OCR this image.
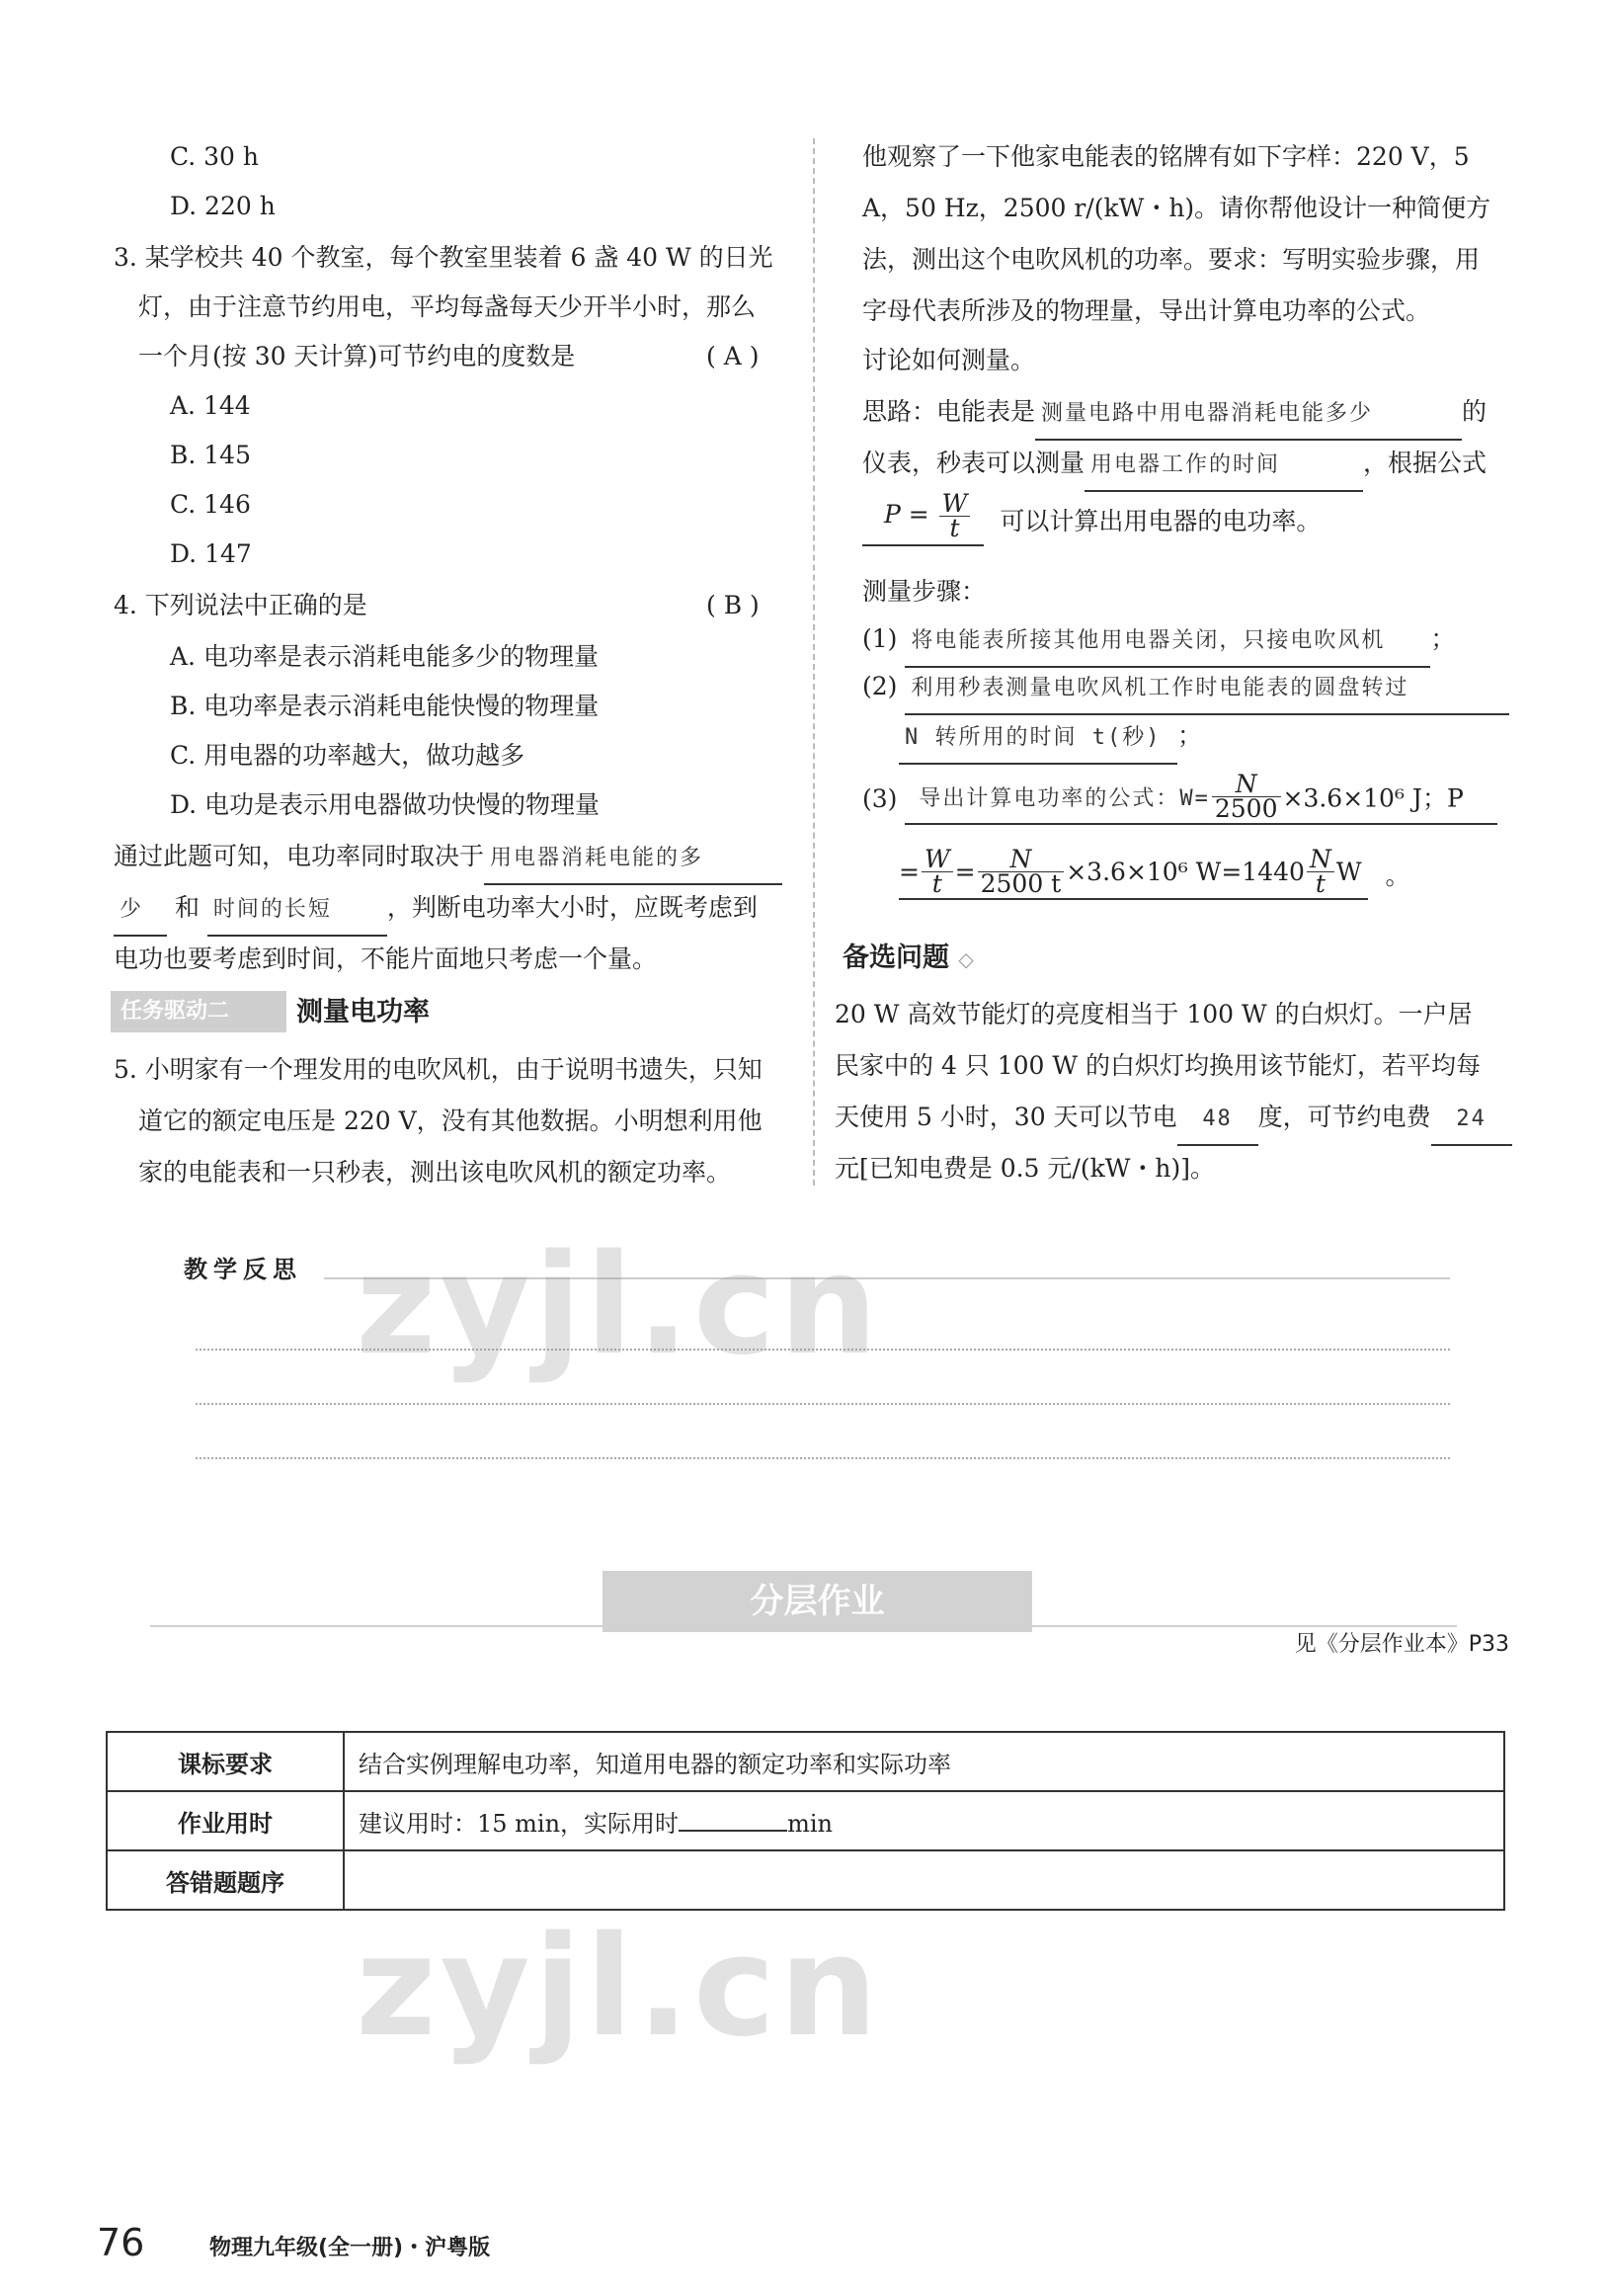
C. 30 h
D. 220 h
3. 某学校共 40 个教室，每个教室里装着 6 盏 40 W 的日光
灯，由于注意节约用电，平均每盏每天少开半小时，那么
一个月(按 30 天计算)可节约电的度数是	( A )
A. 144
B. 145
C. 146
D. 147
4. 下列说法中正确的是	( B )
A. 电功率是表示消耗电能多少的物理量
B. 电功率是表示消耗电能快慢的物理量
C. 用电器的功率越大，做功越多
D. 电功是表示用电器做功快慢的物理量
通过此题可知，电功率同时取决于 用电器消耗电能的多
少 和 时间的长短 ，判断电功率大小时，应既考虑到
电功也要考虑到时间，不能片面地只考虑一个量。
任务驱动二	测量电功率
5. 小明家有一个理发用的电吹风机，由于说明书遗失，只知
道它的额定电压是 220 V，没有其他数据。小明想利用他
家的电能表和一只秒表，测出该电吹风机的额定功率。
他观察了一下他家电能表的铭牌有如下字样：220 V，5
A，50 Hz，2500 r/(kW・h)。请你帮他设计一种简便方
法，测出这个电吹风机的功率。要求：写明实验步骤，用
字母代表所涉及的物理量，导出计算电功率的公式。
讨论如何测量。
思路：电能表是 测量电路中用电器消耗电能多少	的
仪表，秒表可以测量 用电器工作的时间	，根据公式
$P = \frac{W}{t}$ 可以计算出用电器的电功率。
测量步骤：
(1) 将电能表所接其他用电器关闭，只接电吹风机 ；
(2) 利用秒表测量电吹风机工作时电能表的圆盘转过
N 转所用的时间 t(秒) ；
(3) 导出计算电功率的公式：$W= \frac{N}{2500} \times 3.6\times 10^6$ J；P
= $\frac{W}{t} = \frac{N}{2500 t} \times 3.6\times 10^6$ $W=1440 \frac{N}{t}$ W 。
备选问题 ◇
20 W 高效节能灯的亮度相当于 100 W 的白炽灯。一户居
民家中的 4 只 100 W 的白炽灯均换用该节能灯，若平均每
天使用 5 小时，30 天可以节电 48 度，可节约电费 24
元[已知电费是 0.5 元/(kW・h)]。
教学反思
分层作业
见《分层作业本》P33
课标要求	结合实例理解电功率，知道用电器的额定功率和实际功率
作业用时	建议用时：15 min，实际用时 min
答错题题序	
zyjl.cn
zyjl.cn
76	物理九年级(全一册)・沪粤版
